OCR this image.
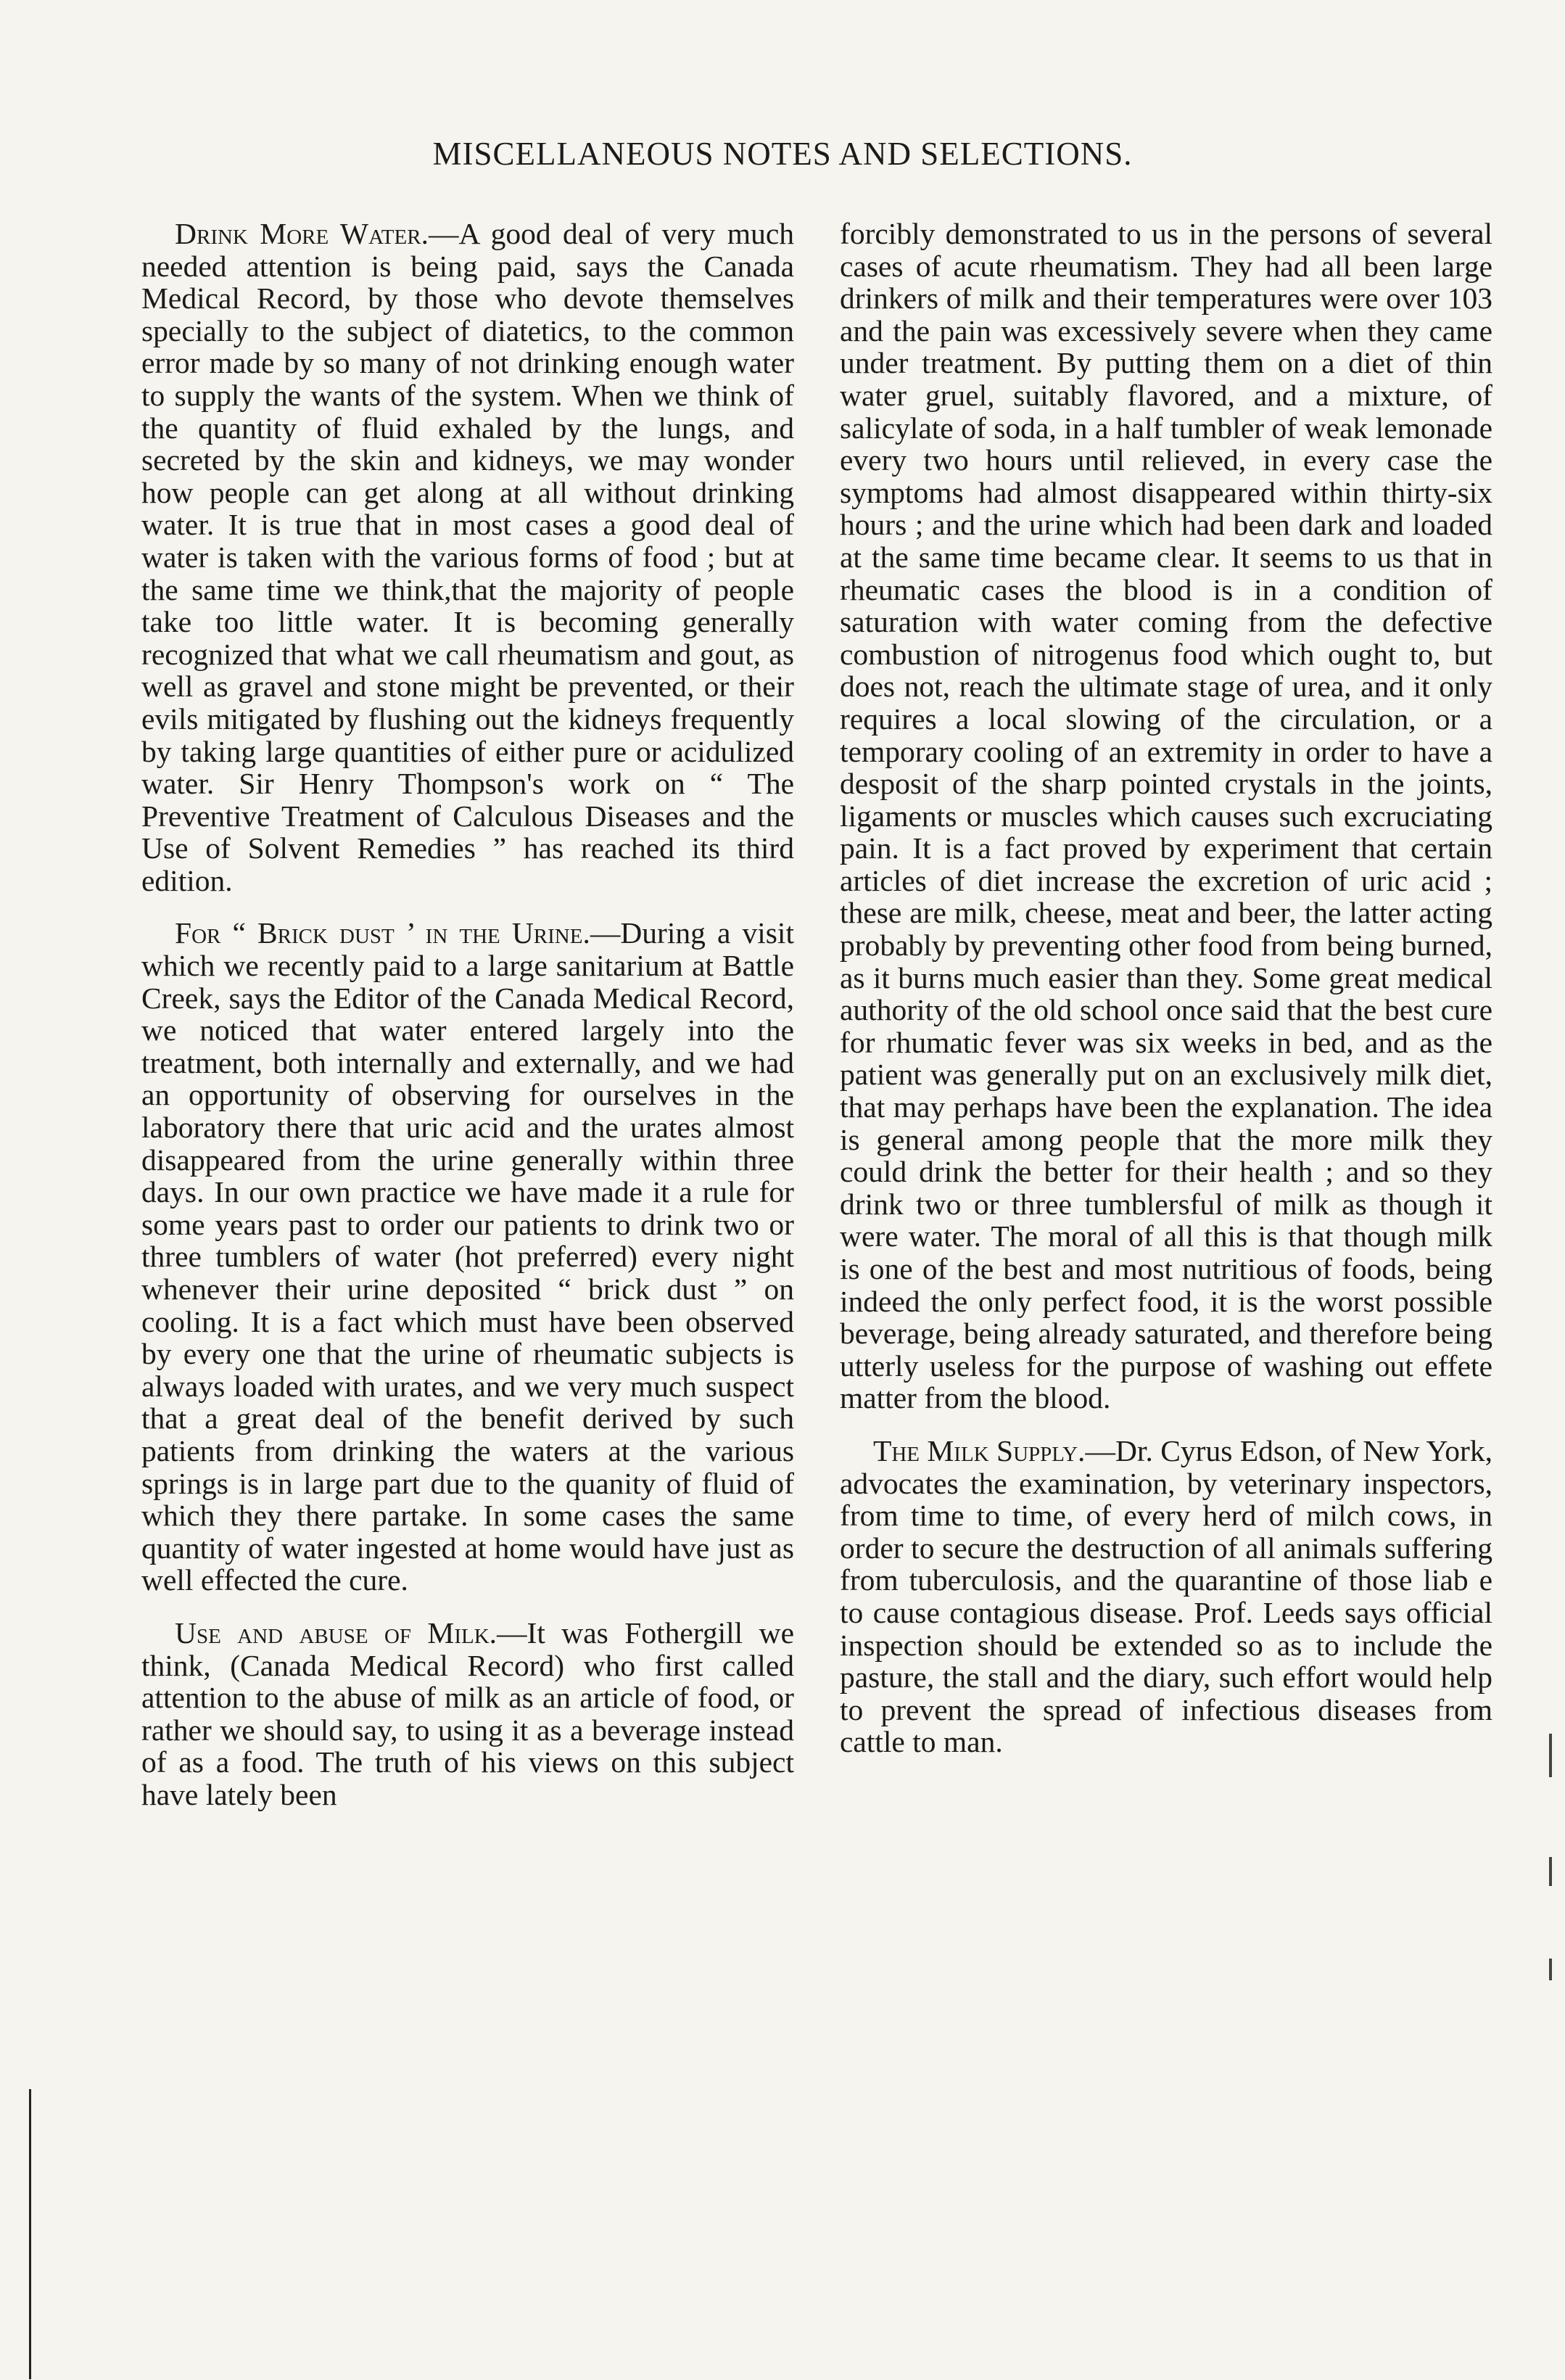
MISCELLANEOUS NOTES AND SELECTIONS.

Drink More Water.—A good deal of very much needed attention is being paid, says the Canada Medical Record, by those who devote themselves specially to the subject of diatetics, to the common error made by so many of not drinking enough water to supply the wants of the system. When we think of the quantity of fluid exhaled by the lungs, and secreted by the skin and kidneys, we may wonder how people can get along at all without drinking water. It is true that in most cases a good deal of water is taken with the various forms of food ; but at the same time we think,that the majority of people take too little water. It is becoming generally recognized that what we call rheumatism and gout, as well as gravel and stone might be prevented, or their evils mitigated by flushing out the kidneys frequently by taking large quantities of either pure or acidulized water. Sir Henry Thompson's work on “ The Preventive Treatment of Calculous Diseases and the Use of Solvent Remedies ” has reached its third edition.

For “ Brick dust ’ in the Urine.—During a visit which we recently paid to a large sanitarium at Battle Creek, says the Editor of the Canada Medical Record, we noticed that water entered largely into the treatment, both internally and externally, and we had an opportunity of observing for ourselves in the laboratory there that uric acid and the urates almost disappeared from the urine generally within three days. In our own practice we have made it a rule for some years past to order our patients to drink two or three tumblers of water (hot preferred) every night whenever their urine deposited “ brick dust ” on cooling. It is a fact which must have been observed by every one that the urine of rheumatic subjects is always loaded with urates, and we very much suspect that a great deal of the benefit derived by such patients from drinking the waters at the various springs is in large part due to the quanity of fluid of which they there partake. In some cases the same quantity of water ingested at home would have just as well effected the cure.

Use and abuse of Milk.—It was Fothergill we think, (Canada Medical Record) who first called attention to the abuse of milk as an article of food, or rather we should say, to using it as a beverage instead of as a food. The truth of his views on this subject have lately been

forcibly demonstrated to us in the persons of several cases of acute rheumatism. They had all been large drinkers of milk and their temperatures were over 103 and the pain was excessively severe when they came under treatment. By putting them on a diet of thin water gruel, suitably flavored, and a mixture, of salicylate of soda, in a half tumbler of weak lemonade every two hours until relieved, in every case the symptoms had almost disappeared within thirty-six hours ; and the urine which had been dark and loaded at the same time became clear. It seems to us that in rheumatic cases the blood is in a condition of saturation with water coming from the defective combustion of nitrogenus food which ought to, but does not, reach the ultimate stage of urea, and it only requires a local slowing of the circulation, or a temporary cooling of an extremity in order to have a desposit of the sharp pointed crystals in the joints, ligaments or muscles which causes such excruciating pain. It is a fact proved by experiment that certain articles of diet increase the excretion of uric acid ; these are milk, cheese, meat and beer, the latter acting probably by preventing other food from being burned, as it burns much easier than they. Some great medical authority of the old school once said that the best cure for rhumatic fever was six weeks in bed, and as the patient was generally put on an exclusively milk diet, that may perhaps have been the explanation. The idea is general among people that the more milk they could drink the better for their health ; and so they drink two or three tumblersful of milk as though it were water. The moral of all this is that though milk is one of the best and most nutritious of foods, being indeed the only perfect food, it is the worst possible beverage, being already saturated, and therefore being utterly useless for the purpose of washing out effete matter from the blood.

The Milk Supply.—Dr. Cyrus Edson, of New York, advocates the examination, by veterinary inspectors, from time to time, of every herd of milch cows, in order to secure the destruction of all animals suffering from tuberculosis, and the quarantine of those liab e to cause contagious disease. Prof. Leeds says official inspection should be extended so as to include the pasture, the stall and the diary, such effort would help to prevent the spread of infectious diseases from cattle to man.
